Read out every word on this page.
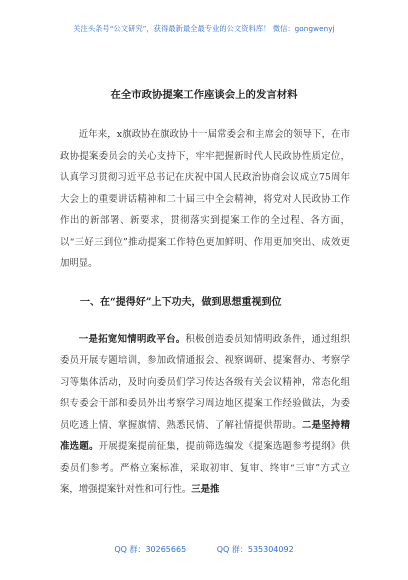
关注头条号“公文研究”，获得最新最全最专业的公文资料库！ 微信：gongwenyj
在全市政协提案工作座谈会上的发言材料

近年来，x旗政协在旗政协十一届常委会和主席会的领导下，在市政协提案委员会的关心支持下，牢牢把握新时代人民政协性质定位，认真学习贯彻习近平总书记在庆祝中国人民政治协商会议成立75周年大会上的重要讲话精神和二十届三中全会精神，将党对人民政协工作作出的新部署、新要求，贯彻落实到提案工作的全过程、各方面，以“三好三到位”推动提案工作特色更加鲜明、作用更加突出、成效更加明显。

一、在“提得好”上下功夫，做到思想重视到位

一是拓宽知情明政平台。积极创造委员知情明政条件，通过组织委员开展专题培训，参加政情通报会、视察调研、提案督办、考察学习等集体活动，及时向委员们学习传达各级有关会议精神，常态化组织专委会干部和委员外出考察学习周边地区提案工作经验做法，为委员吃透上情、掌握旗情、熟悉民情、了解社情提供帮助。二是坚持精准选题。开展提案提前征集，提前筛选编发《提案选题参考提纲》供委员们参考。严格立案标准，采取初审、复审、终审“三审”方式立案，增强提案针对性和可行性。三是推

QQ 群：30265665	QQ 群：535304092
